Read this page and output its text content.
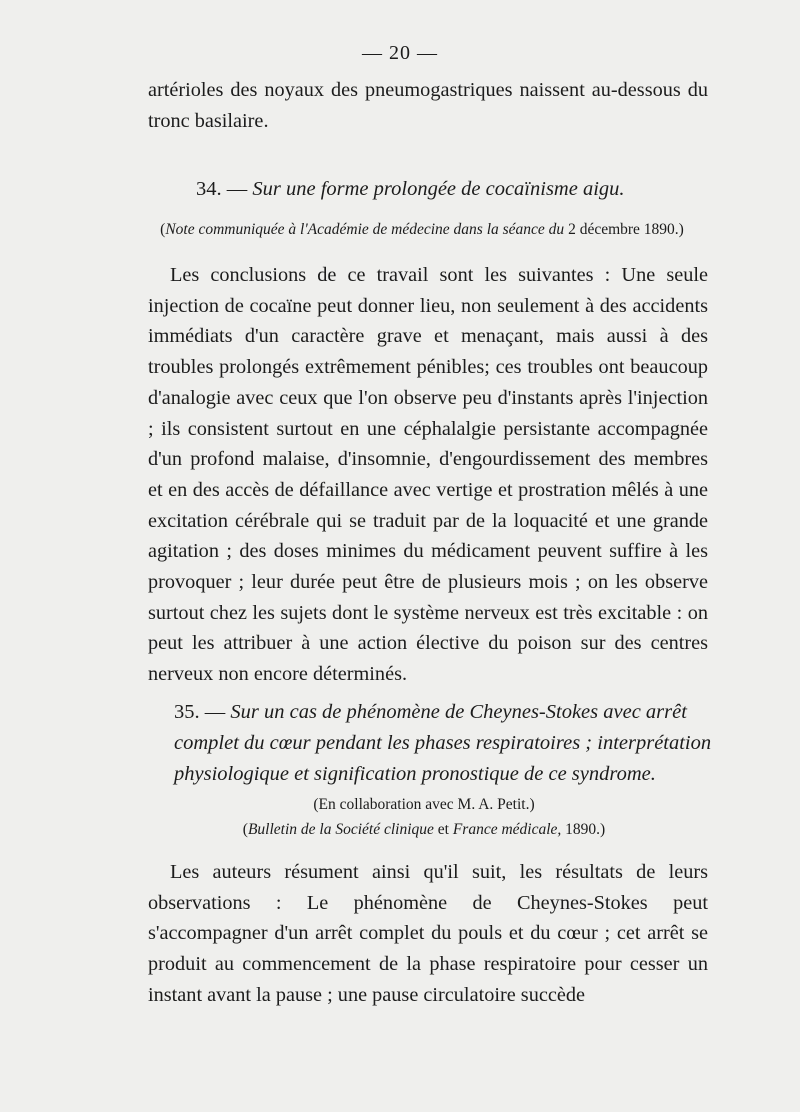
— 20 —

artérioles des noyaux des pneumogastriques naissent au-dessous du tronc basilaire.

34. — Sur une forme prolongée de cocaïnisme aigu.
(Note communiquée à l'Académie de médecine dans la séance du 2 décembre 1890.)

Les conclusions de ce travail sont les suivantes : Une seule injection de cocaïne peut donner lieu, non seulement à des accidents immédiats d'un caractère grave et menaçant, mais aussi à des troubles prolongés extrêmement pénibles; ces troubles ont beaucoup d'analogie avec ceux que l'on observe peu d'instants après l'injection ; ils consistent surtout en une céphalalgie persistante accompagnée d'un profond malaise, d'insomnie, d'engourdissement des membres et en des accès de défaillance avec vertige et prostration mêlés à une excitation cérébrale qui se traduit par de la loquacité et une grande agitation ; des doses minimes du médicament peuvent suffire à les provoquer ; leur durée peut être de plusieurs mois ; on les observe surtout chez les sujets dont le système nerveux est très excitable : on peut les attribuer à une action élective du poison sur des centres nerveux non encore déterminés.

35. — Sur un cas de phénomène de Cheynes-Stokes avec arrêt
complet du cœur pendant les phases respiratoires ; interprétation
physiologique et signification pronostique de ce syndrome.
(En collaboration avec M. A. Petit.)
(Bulletin de la Société clinique et France médicale, 1890.)

Les auteurs résument ainsi qu'il suit, les résultats de leurs observations : Le phénomène de Cheynes-Stokes peut s'accompagner d'un arrêt complet du pouls et du cœur ; cet arrêt se produit au commencement de la phase respiratoire pour cesser un instant avant la pause ; une pause circulatoire succède
